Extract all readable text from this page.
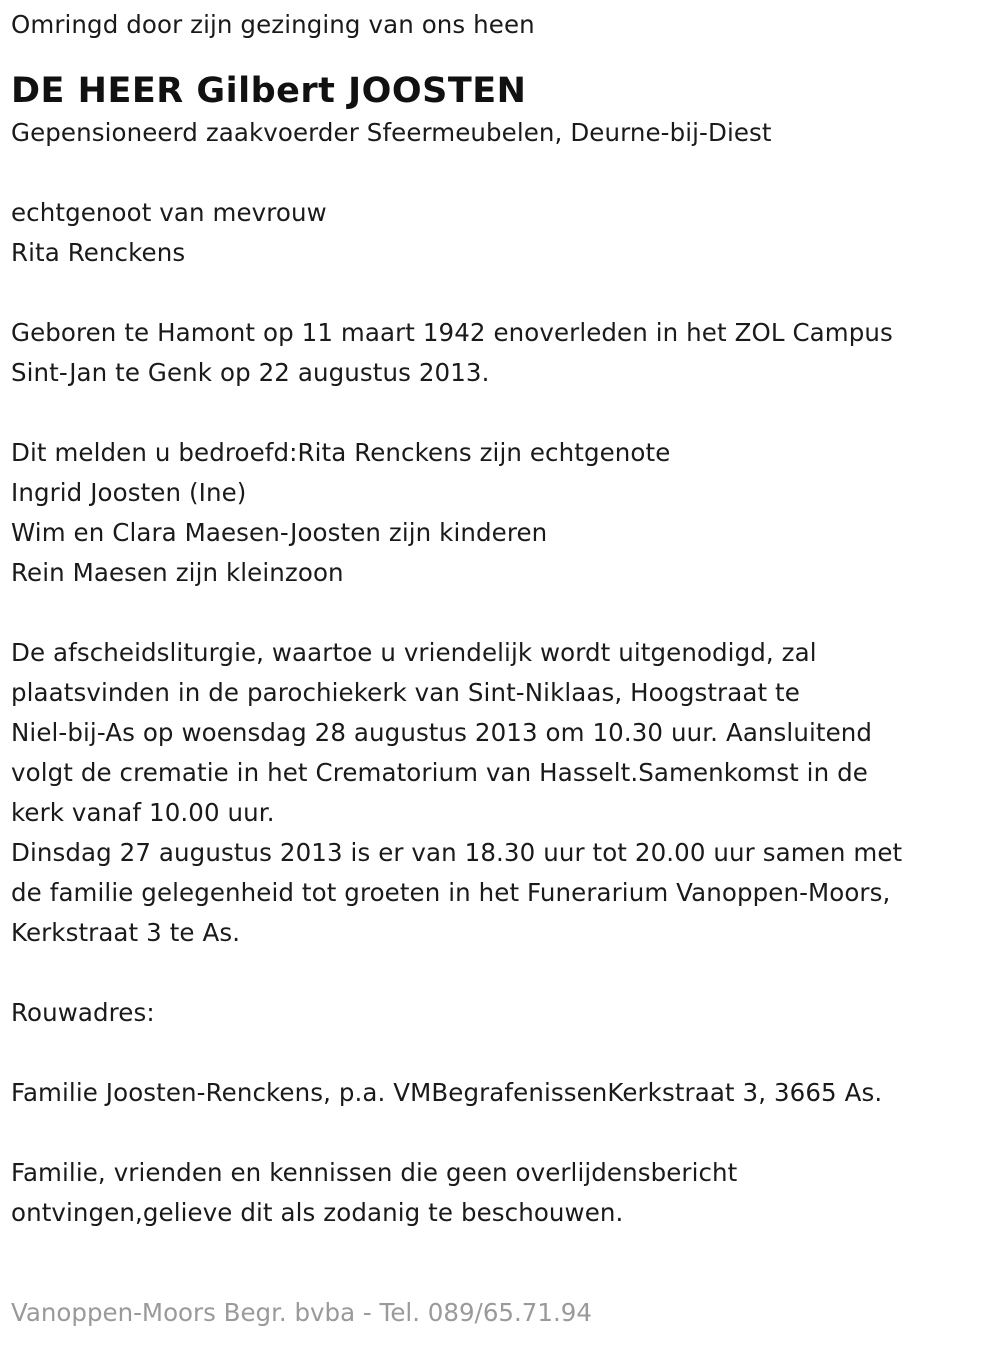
Omringd door zijn gezinging van ons heen
DE HEER Gilbert JOOSTEN
Gepensioneerd zaakvoerder Sfeermeubelen, Deurne-bij-Diest
echtgenoot van mevrouw
Rita Renckens
Geboren te Hamont op 11 maart 1942 enoverleden in het ZOL Campus
Sint-Jan te Genk op 22 augustus 2013.
Dit melden u bedroefd:Rita Renckens zijn echtgenote
Ingrid Joosten (Ine)
Wim en Clara Maesen-Joosten zijn kinderen
Rein Maesen zijn kleinzoon
De afscheidsliturgie, waartoe u vriendelijk wordt uitgenodigd, zal
plaatsvinden in de parochiekerk van Sint-Niklaas, Hoogstraat te
Niel-bij-As op woensdag 28 augustus 2013 om 10.30 uur. Aansluitend
volgt de crematie in het Crematorium van Hasselt.Samenkomst in de
kerk vanaf 10.00 uur.
Dinsdag 27 augustus 2013 is er van 18.30 uur tot 20.00 uur samen met
de familie gelegenheid tot groeten in het Funerarium Vanoppen-Moors,
Kerkstraat 3 te As.
Rouwadres:
Familie Joosten-Renckens, p.a. VMBegrafenissenKerkstraat 3, 3665 As.
Familie, vrienden en kennissen die geen overlijdensbericht
ontvingen,gelieve dit als zodanig te beschouwen.
Vanoppen-Moors Begr. bvba - Tel. 089/65.71.94
